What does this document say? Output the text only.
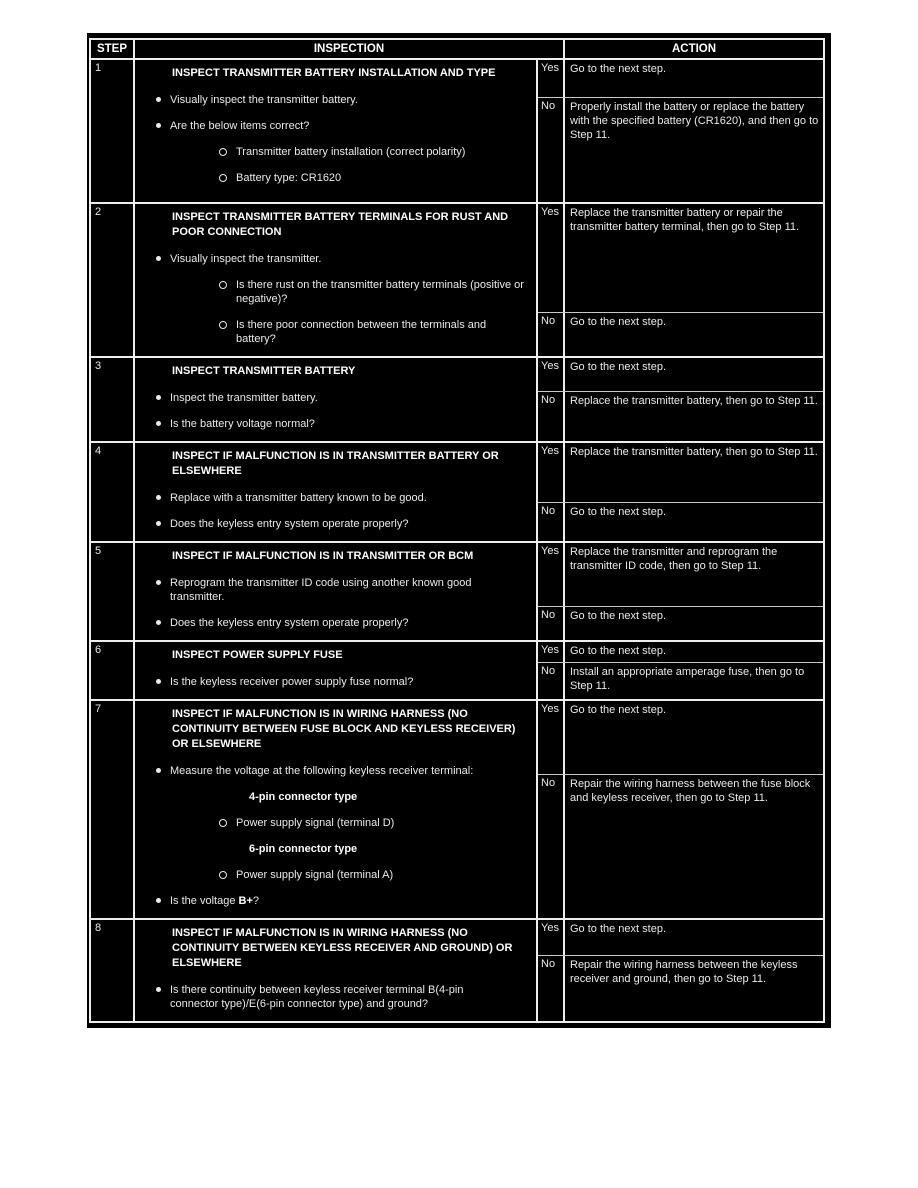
STEP	INSPECTION	ACTION
1	INSPECT TRANSMITTER BATTERY INSTALLATION AND TYPE
Visually inspect the transmitter battery.
Are the below items correct?
Transmitter battery installation (correct polarity)
Battery type: CR1620
Yes	Go to the next step.
No	Properly install the battery or replace the battery with the specified battery (CR1620), and then go to Step 11.
2	INSPECT TRANSMITTER BATTERY TERMINALS FOR RUST AND POOR CONNECTION
Visually inspect the transmitter.
Is there rust on the transmitter battery terminals (positive or negative)?
Is there poor connection between the terminals and battery?
Yes	Replace the transmitter battery or repair the transmitter battery terminal, then go to Step 11.
No	Go to the next step.
3	INSPECT TRANSMITTER BATTERY
Inspect the transmitter battery.
Is the battery voltage normal?
Yes	Go to the next step.
No	Replace the transmitter battery, then go to Step 11.
4	INSPECT IF MALFUNCTION IS IN TRANSMITTER BATTERY OR ELSEWHERE
Replace with a transmitter battery known to be good.
Does the keyless entry system operate properly?
Yes	Replace the transmitter battery, then go to Step 11.
No	Go to the next step.
5	INSPECT IF MALFUNCTION IS IN TRANSMITTER OR BCM
Reprogram the transmitter ID code using another known good transmitter.
Does the keyless entry system operate properly?
Yes	Replace the transmitter and reprogram the transmitter ID code, then go to Step 11.
No	Go to the next step.
6	INSPECT POWER SUPPLY FUSE
Is the keyless receiver power supply fuse normal?
Yes	Go to the next step.
No	Install an appropriate amperage fuse, then go to Step 11.
7	INSPECT IF MALFUNCTION IS IN WIRING HARNESS (NO CONTINUITY BETWEEN FUSE BLOCK AND KEYLESS RECEIVER) OR ELSEWHERE
Measure the voltage at the following keyless receiver terminal:
4-pin connector type
Power supply signal (terminal D)
6-pin connector type
Power supply signal (terminal A)
Is the voltage B+?
Yes	Go to the next step.
No	Repair the wiring harness between the fuse block and keyless receiver, then go to Step 11.
8	INSPECT IF MALFUNCTION IS IN WIRING HARNESS (NO CONTINUITY BETWEEN KEYLESS RECEIVER AND GROUND) OR ELSEWHERE
Is there continuity between keyless receiver terminal B(4-pin connector type)/E(6-pin connector type) and ground?
Yes	Go to the next step.
No	Repair the wiring harness between the keyless receiver and ground, then go to Step 11.
